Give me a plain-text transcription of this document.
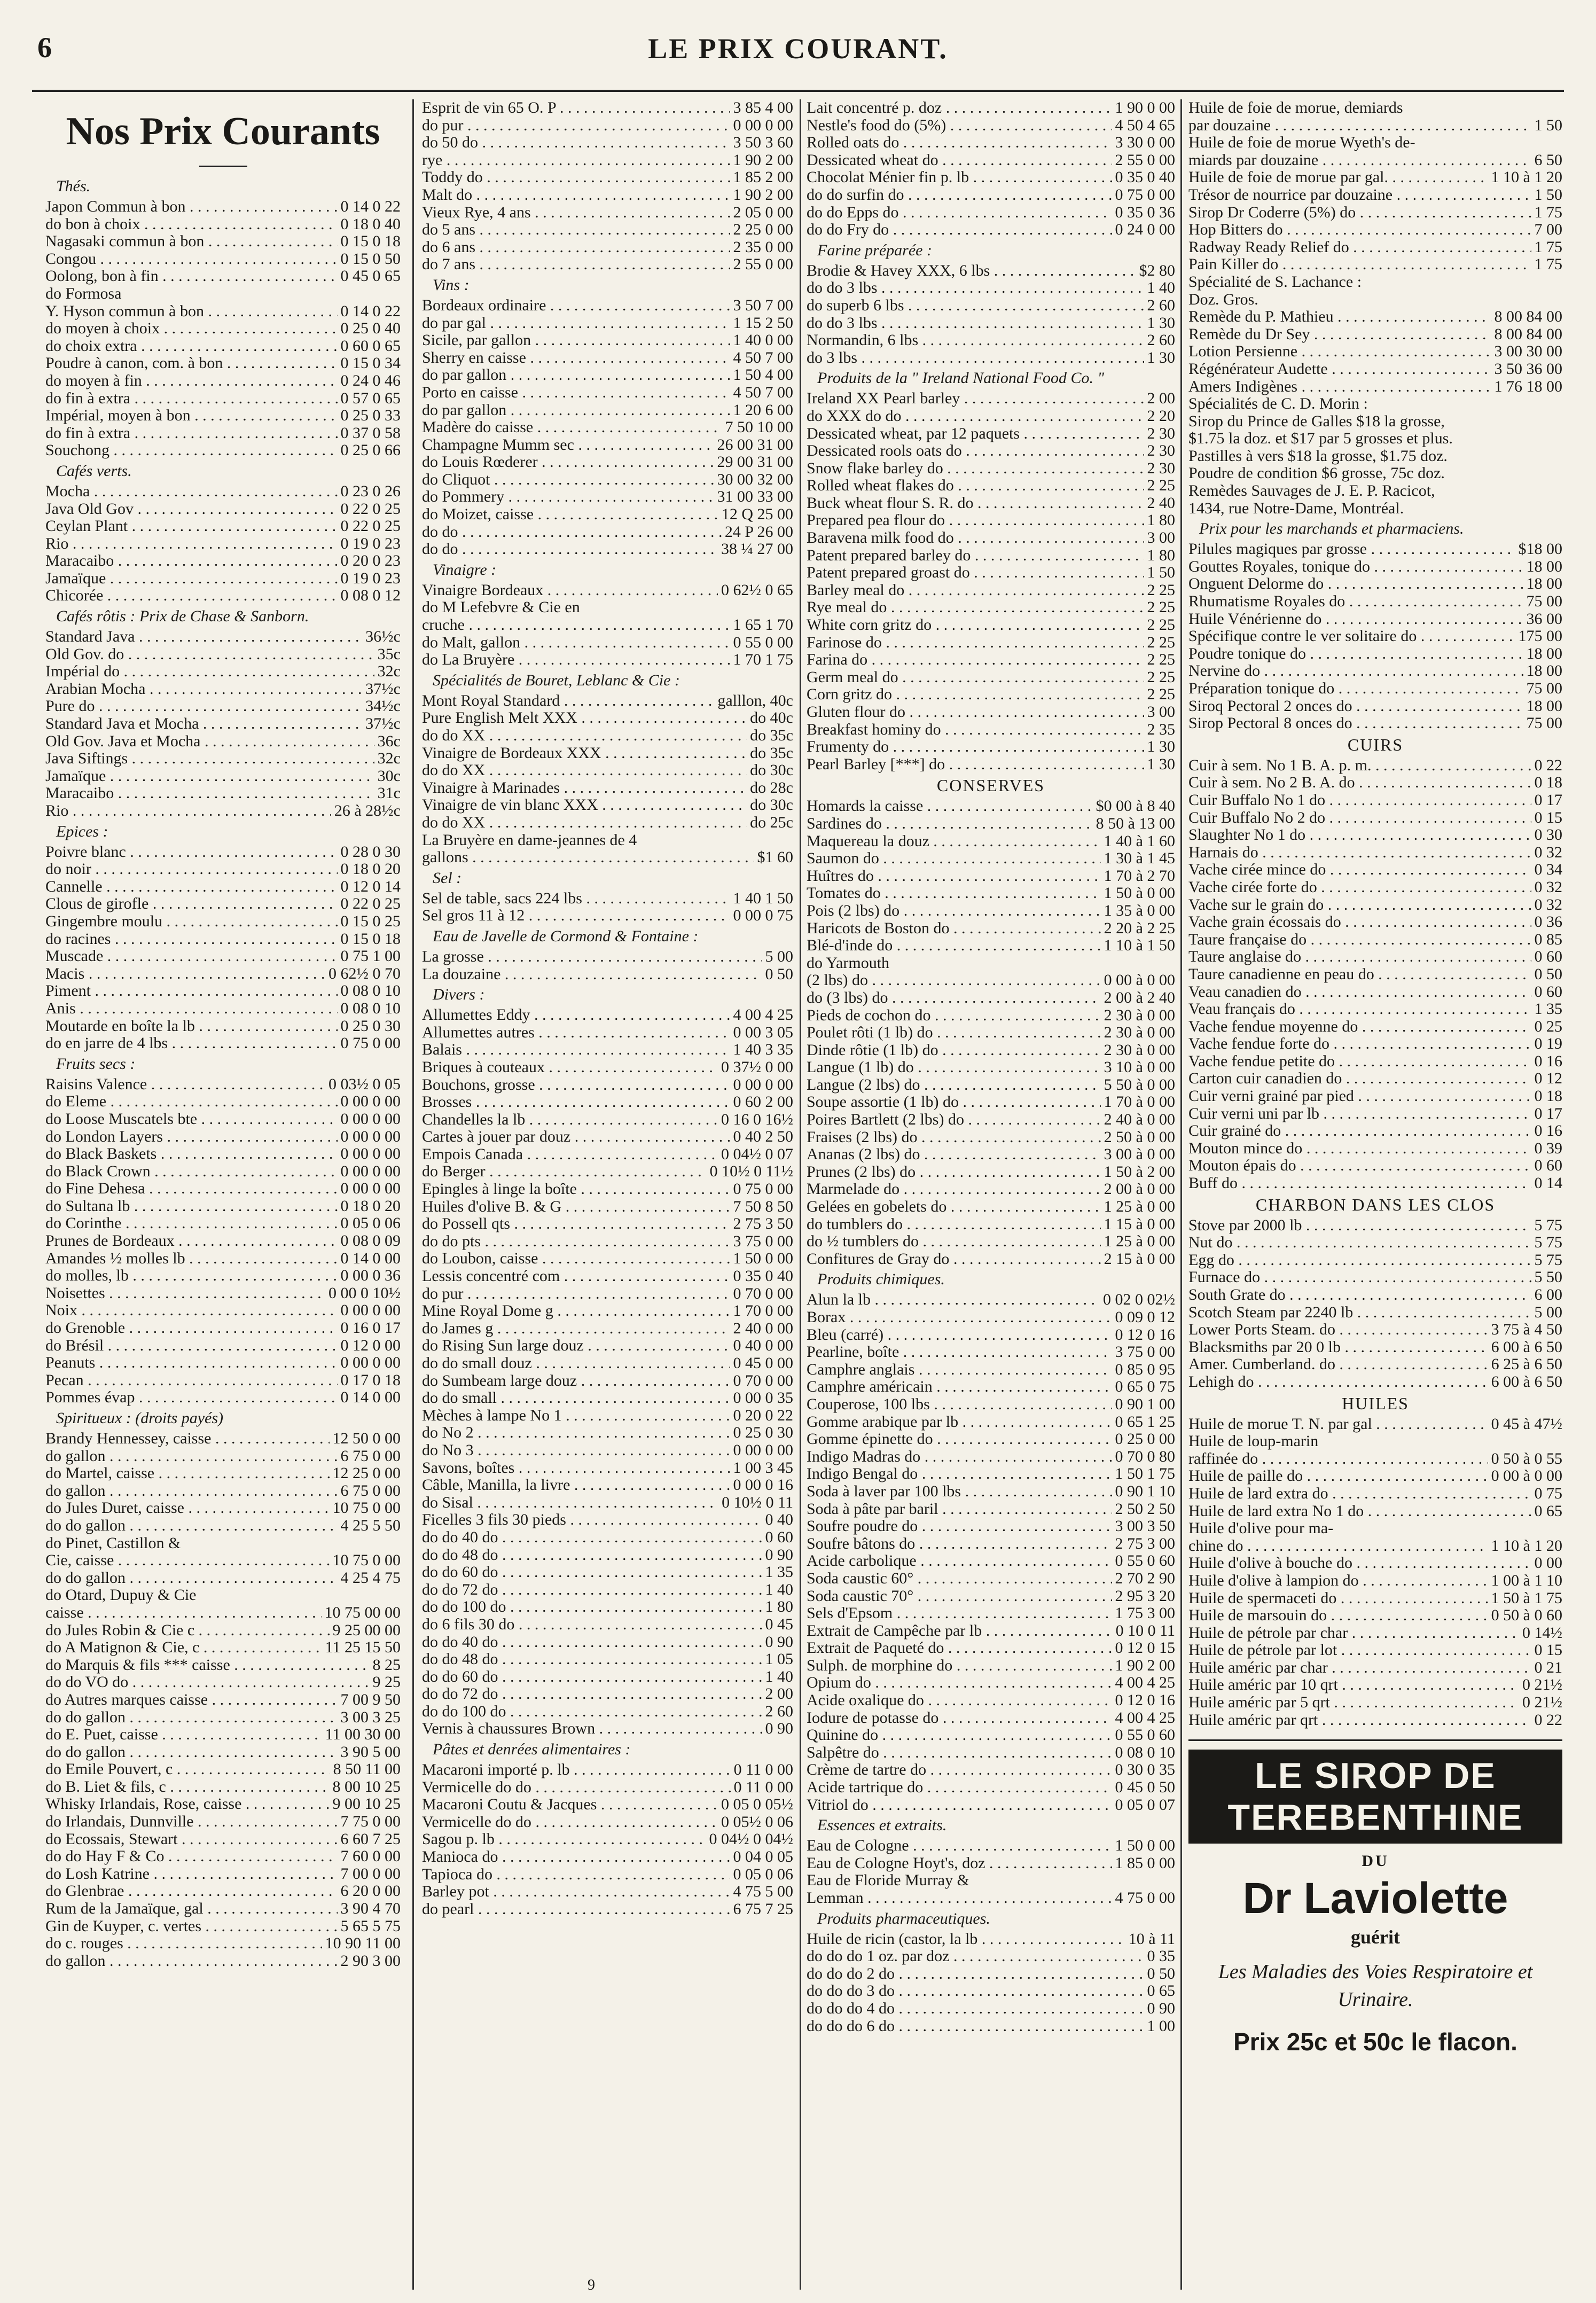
6	LE PRIX COURANT.
Nos Prix Courants
Thés.
Japon Commun à bon . . .	0 14 0 22
do bon à choix . . .	0 18 0 40
Nagasaki commun à bon . . .	0 15 0 18
Congou . . .	0 15 0 50
Oolong, bon à fin . . .	0 45 0 65
do Formosa
Y. Hyson commun à bon . . .	0 14 0 22
do moyen à choix . . .	0 25 0 40
do choix extra . . .	0 60 0 65
Poudre à canon, com. à bon . . .	0 15 0 34
do moyen à fin . . .	0 24 0 46
do fin à extra . . .	0 57 0 65
Impérial, moyen à bon . . .	0 25 0 33
do fin à extra . . .	0 37 0 58
Souchong . . .	0 25 0 66
Cafés verts.
Mocha . . .	0 23 0 26
Java Old Gov . . .	0 22 0 25
Ceylan Plant . . .	0 22 0 25
Rio . . .	0 19 0 23
Maracaibo . . .	0 20 0 23
Jamaïque . . .	0 19 0 23
Chicorée . . .	0 08 0 12
Cafés rôtis : Prix de Chase & Sanborn.
Standard Java . . .	36½c
Old Gov. do . . .	35c
Impérial do . . .	32c
Arabian Mocha . . .	37½c
Pure do . . .	34½c
Standard Java et Mocha . . .	37½c
Old Gov. Java et Mocha . . .	36c
Java Siftings . . .	32c
Jamaïque . . .	30c
Maracaibo . . .	31c
Rio . . .	26 à 28½c
Epices :
Poivre blanc . . .	0 28 0 30
do noir . . .	0 18 0 20
Cannelle . . .	0 12 0 14
Clous de girofle . . .	0 22 0 25
Gingembre moulu . . .	0 15 0 25
do racines . . .	0 15 0 18
Muscade . . .	0 75 1 00
Macis . . .	0 62½ 0 70
Piment . . .	0 08 0 10
Anis . . .	0 08 0 10
Moutarde en boîte la lb . . .	0 25 0 30
do en jarre de 4 lbs . . .	0 75 0 00
Fruits secs :
Raisins Valence . . .	0 03½ 0 05
do Eleme . . .	0 00 0 00
do Loose Muscatels bte . . .	0 00 0 00
do London Layers . . .	0 00 0 00
do Black Baskets . . .	0 00 0 00
do Black Crown . . .	0 00 0 00
do Fine Dehesa . . .	0 00 0 00
do Sultana lb . . .	0 18 0 20
do Corinthe . . .	0 05 0 06
Prunes de Bordeaux . . .	0 08 0 09
Amandes ½ molles lb . . .	0 14 0 00
do molles, lb . . .	0 00 0 36
Noisettes . . .	0 00 0 10½
Noix . . .	0 00 0 00
do Grenoble . . .	0 16 0 17
do Brésil . . .	0 12 0 00
Peanuts . . .	0 00 0 00
Pecan . . .	0 17 0 18
Pommes évap . . .	0 14 0 00
Spiritueux : (droits payés)
Brandy Hennessey, caisse . . .	12 50 0 00
do gallon . . .	6 75 0 00
do Martel, caisse . . .	12 25 0 00
do gallon . . .	6 75 0 00
do Jules Duret, caisse . . .	10 75 0 00
do do gallon . . .	4 25 5 50
do Pinet, Castillon &
Cie, caisse . . .	10 75 0 00
do do gallon . . .	4 25 4 75
do Otard, Dupuy & Cie
caisse . . .	10 75 00 00
do Jules Robin & Cie c . . .	9 25 00 00
do A Matignon & Cie, c . . .	11 25 15 50
do Marquis & fils *** caisse . . .	8 25
do do VO do . . .	9 25
do Autres marques caisse . . .	7 00 9 50
do do gallon . . .	3 00 3 25
do E. Puet, caisse . . .	11 00 30 00
do do gallon . . .	3 90 5 00
do Emile Pouvert, c . . .	8 50 11 00
do B. Liet & fils, c . . .	8 00 10 25
Whisky Irlandais, Rose, caisse . . .	9 00 10 25
do Irlandais, Dunnville . . .	7 75 0 00
do Ecossais, Stewart . . .	6 60 7 25
do do Hay F & Co . . .	7 60 0 00
do Losh Katrine . . .	7 00 0 00
do Glenbrae . . .	6 20 0 00
Rum de la Jamaïque, gal . . .	3 90 4 70
Gin de Kuyper, c. vertes . . .	5 65 5 75
do c. rouges . . .	10 90 11 00
do gallon . . .	2 90 3 00
Esprit de vin 65 O. P . . .	3 85 4 00
do pur . . .	0 00 0 00
do 50 do . . .	3 50 3 60
rye . . .	1 90 2 00
Toddy do . . .	1 85 2 00
Malt do . . .	1 90 2 00
Vieux Rye, 4 ans . . .	2 05 0 00
do 5 ans . . .	2 25 0 00
do 6 ans . . .	2 35 0 00
do 7 ans . . .	2 55 0 00
Vins :
Bordeaux ordinaire . . .	3 50 7 00
do par gal . . .	1 15 2 50
Sicile, par gallon . . .	1 40 0 00
Sherry en caisse . . .	4 50 7 00
do par gallon . . .	1 50 4 00
Porto en caisse . . .	4 50 7 00
do par gallon . . .	1 20 6 00
Madère do caisse . . .	7 50 10 00
Champagne Mumm sec . . .	26 00 31 00
do Louis Rœderer . . .	29 00 31 00
do Cliquot . . .	30 00 32 00
do Pommery . . .	31 00 33 00
do Moizet, caisse . . .	12 Q 25 00
do do . . .	24 P 26 00
do do . . .	38 ¼ 27 00
Vinaigre :
Vinaigre Bordeaux . . .	0 62½ 0 65
do M Lefebvre & Cie en
cruche . . .	1 65 1 70
do Malt, gallon . . .	0 55 0 00
do La Bruyère . . .	1 70 1 75
Spécialités de Bouret, Leblanc & Cie :
Mont Royal Standard . . .	galllon, 40c
Pure English Melt XXX . . .	do 40c
do do XX . . .	do 35c
Vinaigre de Bordeaux XXX . . .	do 35c
do do XX . . .	do 30c
Vinaigre à Marinades . . .	do 28c
Vinaigre de vin blanc XXX . . .	do 30c
do do XX . . .	do 25c
La Bruyère en dame-jeannes de 4
gallons . . .	$1 60
Sel :
Sel de table, sacs 224 lbs . . .	1 40 1 50
Sel gros 11 à 12 . . .	0 00 0 75
Eau de Javelle de Cormond & Fontaine :
La grosse . . .	5 00
La douzaine . . .	0 50
Divers :
Allumettes Eddy . . .	4 00 4 25
Allumettes autres . . .	0 00 3 05
Balais . . .	1 40 3 35
Briques à couteaux . . .	0 37½ 0 00
Bouchons, grosse . . .	0 00 0 00
Brosses . . .	0 60 2 00
Chandelles la lb . . .	0 16 0 16½
Cartes à jouer par douz . . .	0 40 2 50
Empois Canada . . .	0 04½ 0 07
do Berger . . .	0 10½ 0 11½
Epingles à linge la boîte . . .	0 75 0 00
Huiles d'olive B. & G . . .	7 50 8 50
do Possell qts . . .	2 75 3 50
do do pts . . .	3 75 0 00
do Loubon, caisse . . .	1 50 0 00
Lessis concentré com . . .	0 35 0 40
do pur . . .	0 70 0 00
Mine Royal Dome g . . .	1 70 0 00
do James g . . .	2 40 0 00
do Rising Sun large douz . . .	0 40 0 00
do do small douz . . .	0 45 0 00
do Sumbeam large douz . . .	0 70 0 00
do do small . . .	0 00 0 35
Mèches à lampe No 1 . . .	0 20 0 22
do No 2 . . .	0 25 0 30
do No 3 . . .	0 00 0 00
Savons, boîtes . . .	1 00 3 45
Câble, Manilla, la livre . . .	0 00 0 16
do Sisal . . .	0 10½ 0 11
Ficelles 3 fils 30 pieds . . .	0 40
do do 40 do . . .	0 60
do do 48 do . . .	0 90
do do 60 do . . .	1 35
do do 72 do . . .	1 40
do do 100 do . . .	1 80
do 6 fils 30 do . . .	0 45
do do 40 do . . .	0 90
do do 48 do . . .	1 05
do do 60 do . . .	1 40
do do 72 do . . .	2 00
do do 100 do . . .	2 60
Vernis à chaussures Brown . . .	0 90
Pâtes et denrées alimentaires :
Macaroni importé p. lb . . .	0 11 0 00
Vermicelle do do . . .	0 11 0 00
Macaroni Coutu & Jacques . . .	0 05 0 05½
Vermicelle do do . . .	0 05½ 0 06
Sagou p. lb . . .	0 04½ 0 04½
Manioca do . . .	0 04 0 05
Tapioca do . . .	0 05 0 06
Barley pot . . .	4 75 5 00
do pearl . . .	6 75 7 25
Lait concentré p. doz . . .	1 90 0 00
Nestle's food do (5%) . . .	4 50 4 65
Rolled oats do . . .	3 30 0 00
Dessicated wheat do . . .	2 55 0 00
Chocolat Ménier fin p. lb . . .	0 35 0 40
do do surfin do . . .	0 75 0 00
do do Epps do . . .	0 35 0 36
do do Fry do . . .	0 24 0 00
Farine préparée :
Brodie & Havey XXX, 6 lbs . . .	$2 80
do do 3 lbs . . .	1 40
do superb 6 lbs . . .	2 60
do do 3 lbs . . .	1 30
Normandin, 6 lbs . . .	2 60
do 3 lbs . . .	1 30
Produits de la " Ireland National Food Co. "
Ireland XX Pearl barley . . .	2 00
do XXX do do . . .	2 20
Dessicated wheat, par 12 paquets . . .	2 30
Dessicated rools oats do . . .	2 30
Snow flake barley do . . .	2 30
Rolled wheat flakes do . . .	2 25
Buck wheat flour S. R. do . . .	2 40
Prepared pea flour do . . .	1 80
Baravena milk food do . . .	3 00
Patent prepared barley do . . .	1 80
Patent prepared groast do . . .	1 50
Barley meal do . . .	2 25
Rye meal do . . .	2 25
White corn gritz do . . .	2 25
Farinose do . . .	2 25
Farina do . . .	2 25
Germ meal do . . .	2 25
Corn gritz do . . .	2 25
Gluten flour do . . .	3 00
Breakfast hominy do . . .	2 35
Frumenty do . . .	1 30
Pearl Barley [***] do . . .	1 30
CONSERVES
Homards la caisse . . .	$0 00 à 8 40
Sardines do . . .	8 50 à 13 00
Maquereau la douz . . .	1 40 à 1 60
Saumon do . . .	1 30 à 1 45
Huîtres do . . .	1 70 à 2 70
Tomates do . . .	1 50 à 0 00
Pois (2 lbs) do . . .	1 35 à 0 00
Haricots de Boston do . . .	2 20 à 2 25
Blé-d'inde do . . .	1 10 à 1 50
do Yarmouth
(2 lbs) do . . .	0 00 à 0 00
do (3 lbs) do . . .	2 00 à 2 40
Pieds de cochon do . . .	2 30 à 0 00
Poulet rôti (1 lb) do . . .	2 30 à 0 00
Dinde rôtie (1 lb) do . . .	2 30 à 0 00
Langue (1 lb) do . . .	3 10 à 0 00
Langue (2 lbs) do . . .	5 50 à 0 00
Soupe assortie (1 lb) do . . .	1 70 à 0 00
Poires Bartlett (2 lbs) do . . .	2 40 à 0 00
Fraises (2 lbs) do . . .	2 50 à 0 00
Ananas (2 lbs) do . . .	3 00 à 0 00
Prunes (2 lbs) do . . .	1 50 à 2 00
Marmelade do . . .	2 00 à 0 00
Gelées en gobelets do . . .	1 25 à 0 00
do tumblers do . . .	1 15 à 0 00
do ½ tumblers do . . .	1 25 à 0 00
Confitures de Gray do . . .	2 15 à 0 00
Produits chimiques.
Alun la lb . . .	0 02 0 02½
Borax . . .	0 09 0 12
Bleu (carré) . . .	0 12 0 16
Pearline, boîte . . .	3 75 0 00
Camphre anglais . . .	0 85 0 95
Camphre américain . . .	0 65 0 75
Couperose, 100 lbs . . .	0 90 1 00
Gomme arabique par lb . . .	0 65 1 25
Gomme épinette do . . .	0 25 0 00
Indigo Madras do . . .	0 70 0 80
Indigo Bengal do . . .	1 50 1 75
Soda à laver par 100 lbs . . .	0 90 1 10
Soda à pâte par baril . . .	2 50 2 50
Soufre poudre do . . .	3 00 3 50
Soufre bâtons do . . .	2 75 3 00
Acide carbolique . . .	0 55 0 60
Soda caustic 60° . . .	2 70 2 90
Soda caustic 70° . . .	2 95 3 20
Sels d'Epsom . . .	1 75 3 00
Extrait de Campêche par lb . . .	0 10 0 11
Extrait de Paqueté do . . .	0 12 0 15
Sulph. de morphine do . . .	1 90 2 00
Opium do . . .	4 00 4 25
Acide oxalique do . . .	0 12 0 16
Iodure de potasse do . . .	4 00 4 25
Quinine do . . .	0 55 0 60
Salpêtre do . . .	0 08 0 10
Crème de tartre do . . .	0 30 0 35
Acide tartrique do . . .	0 45 0 50
Vitriol do . . .	0 05 0 07
Essences et extraits.
Eau de Cologne . . .	1 50 0 00
Eau de Cologne Hoyt's, doz . . .	1 85 0 00
Eau de Floride Murray &
Lemman . . .	4 75 0 00
Produits pharmaceutiques.
Huile de ricin (castor, la lb . . .	10 à 11
do do do 1 oz. par doz . . .	0 35
do do do 2 do . . .	0 50
do do do 3 do . . .	0 65
do do do 4 do . . .	0 90
do do do 6 do . . .	1 00
Huile de foie de morue, demiards
par douzaine . . .	1 50
Huile de foie de morue Wyeth's de-
miards par douzaine . . .	6 50
Huile de foie de morue par gal. . . .	1 10 à 1 20
Trésor de nourrice par douzaine . . .	1 50
Sirop Dr Coderre (5%) do . . .	1 75
Hop Bitters do . . .	7 00
Radway Ready Relief do . . .	1 75
Pain Killer do . . .	1 75
Spécialité de S. Lachance :
Doz. Gros.
Remède du P. Mathieu . . .	8 00 84 00
Remède du Dr Sey . . .	8 00 84 00
Lotion Persienne . . .	3 00 30 00
Régénérateur Audette . . .	3 50 36 00
Amers Indigènes . . .	1 76 18 00
Spécialités de C. D. Morin :
Sirop du Prince de Galles $18 la grosse,
$1.75 la doz. et $17 par 5 grosses et plus.
Pastilles à vers $18 la grosse, $1.75 doz.
Poudre de condition $6 grosse, 75c doz.
Remèdes Sauvages de J. E. P. Racicot,
1434, rue Notre-Dame, Montréal.
Prix pour les marchands et pharmaciens.
Pilules magiques par grosse . . .	$18 00
Gouttes Royales, tonique do . . .	18 00
Onguent Delorme do . . .	18 00
Rhumatisme Royales do . . .	75 00
Huile Vénérienne do . . .	36 00
Spécifique contre le ver solitaire do . . .	175 00
Poudre tonique do . . .	18 00
Nervine do . . .	18 00
Préparation tonique do . . .	75 00
Siroq Pectoral 2 onces do . . .	18 00
Sirop Pectoral 8 onces do . . .	75 00
CUIRS
Cuir à sem. No 1 B. A. p. m. . . .	0 22
Cuir à sem. No 2 B. A. do . . .	0 18
Cuir Buffalo No 1 do . . .	0 17
Cuir Buffalo No 2 do . . .	0 15
Slaughter No 1 do . . .	0 30
Harnais do . . .	0 32
Vache cirée mince do . . .	0 34
Vache cirée forte do . . .	0 32
Vache sur le grain do . . .	0 32
Vache grain écossais do . . .	0 36
Taure française do . . .	0 85
Taure anglaise do . . .	0 60
Taure canadienne en peau do . . .	0 50
Veau canadien do . . .	0 60
Veau français do . . .	1 35
Vache fendue moyenne do . . .	0 25
Vache fendue forte do . . .	0 19
Vache fendue petite do . . .	0 16
Carton cuir canadien do . . .	0 12
Cuir verni grainé par pied . . .	0 18
Cuir verni uni par lb . . .	0 17
Cuir grainé do . . .	0 16
Mouton mince do . . .	0 39
Mouton épais do . . .	0 60
Buff do . . .	0 14
CHARBON DANS LES CLOS
Stove par 2000 lb . . .	5 75
Nut do . . .	5 75
Egg do . . .	5 75
Furnace do . . .	5 50
South Grate do . . .	6 00
Scotch Steam par 2240 lb . . .	5 00
Lower Ports Steam. do . . .	3 75 à 4 50
Blacksmiths par 20 0 lb . . .	6 00 à 6 50
Amer. Cumberland. do . . .	6 25 à 6 50
Lehigh do . . .	6 00 à 6 50
HUILES
Huile de morue T. N. par gal . . .	0 45 à 47½
Huile de loup-marin
raffinée do . . .	0 50 à 0 55
Huile de paille do . . .	0 00 à 0 00
Huile de lard extra do . . .	0 75
Huile de lard extra No 1 do . . .	0 65
Huile d'olive pour ma-
chine do . . .	1 10 à 1 20
Huile d'olive à bouche do . . .	0 00
Huile d'olive à lampion do . . .	1 00 à 1 10
Huile de spermaceti do . . .	1 50 à 1 75
Huile de marsouin do . . .	0 50 à 0 60
Huile de pétrole par char . . .	0 14½
Huile de pétrole par lot . . .	0 15
Huile améric par char . . .	0 21
Huile améric par 10 qrt . . .	0 21½
Huile améric par 5 qrt . . .	0 21½
Huile améric par qrt . . .	0 22
LE SIROP DE TEREBENTHINE
DU
Dr Laviolette
guérit
Les Maladies des Voies Respiratoire et Urinaire.
Prix 25c et 50c le flacon.
9
